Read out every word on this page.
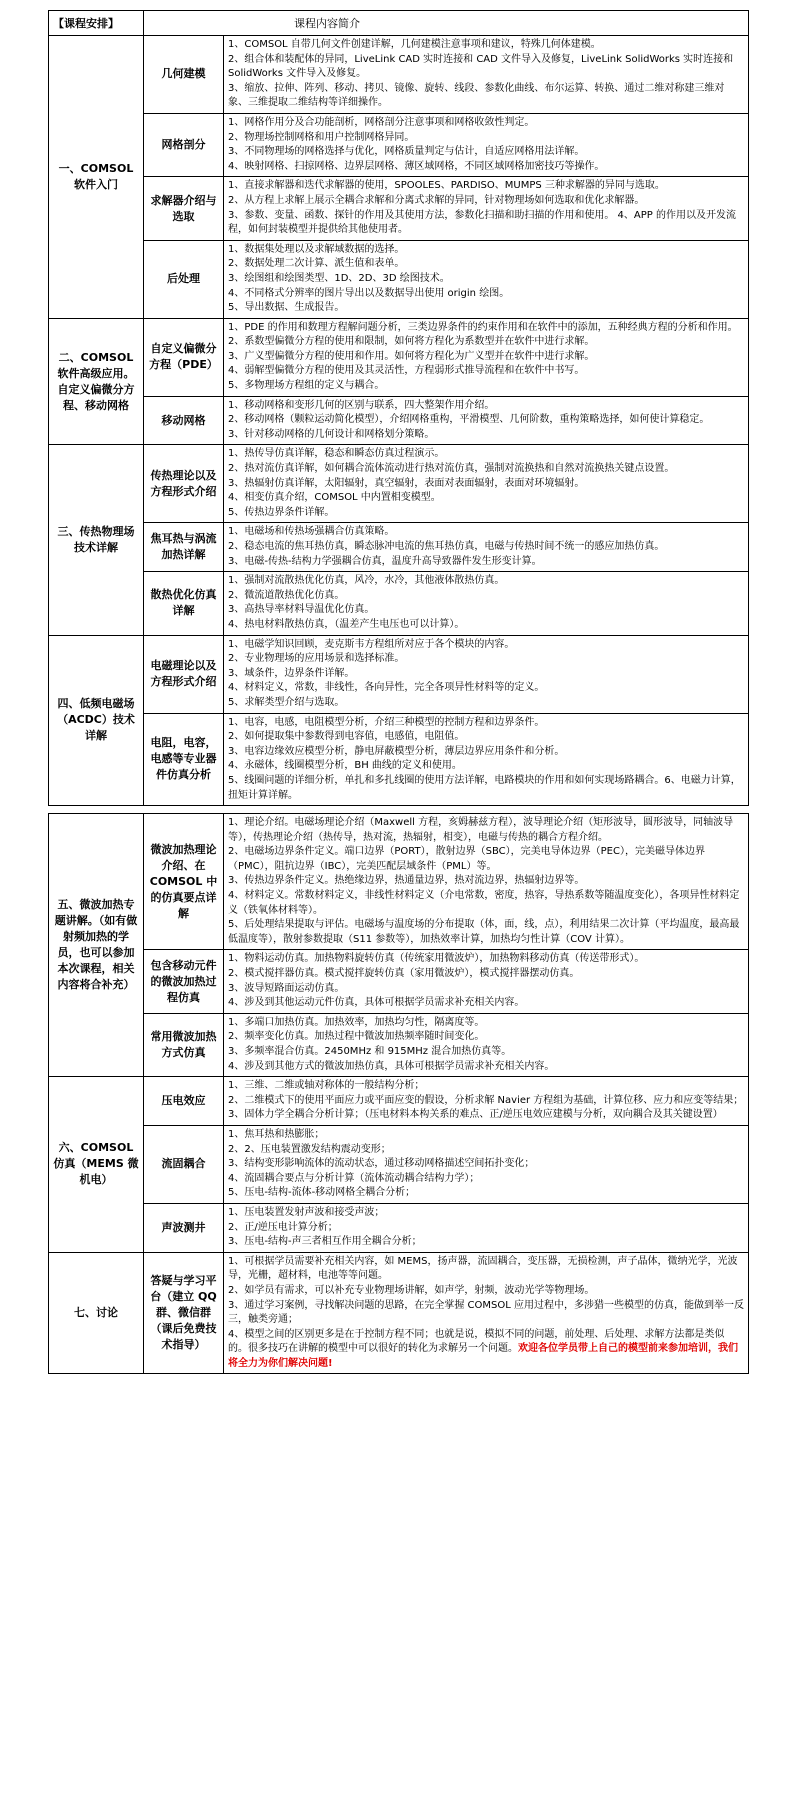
【课程安排】	课程内容简介	
一、COMSOL 软件入门	几何建模	1、COMSOL 自带几何文件创建详解，几何建模注意事项和建议，特殊几何体建模。
2、组合体和装配体的异同，LiveLink CAD 实时连接和 CAD 文件导入及修复，LiveLink SolidWorks 实时连接和 SolidWorks 文件导入及修复。
3、缩放、拉伸、阵列、移动、拷贝、镜像、旋转、线段、参数化曲线、布尔运算、转换、通过二维对称建三维对象、三维提取二维结构等详细操作。

	网格剖分	1、网格作用分及合功能剖析，网格剖分注意事项和网格收敛性判定。
2、物理场控制网格和用户控制网格异同。
3、不同物理场的网格选择与优化，网格质量判定与估计，自适应网格用法详解。
4、映射网格、扫掠网格、边界层网格、薄区域网格，不同区域网格加密技巧等操作。

	求解器介绍与选取	1、直接求解器和迭代求解器的使用，SPOOLES、PARDISO、MUMPS 三种求解器的异同与选取。
2、从方程上求解上展示全耦合求解和分离式求解的异同，针对物理场如何选取和优化求解器。
3、参数、变量、函数、探针的作用及其使用方法，参数化扫描和助扫描的作用和使用。 4、APP 的作用以及开发流程，如何封装模型并提供给其他使用者。

	后处理	1、数据集处理以及求解域数据的选择。
2、数据处理二次计算、派生值和表单。
3、绘图组和绘图类型、1D、2D、3D 绘图技术。
4、不同格式分辨率的图片导出以及数据导出使用 origin 绘图。
5、导出数据、生成报告。

二、COMSOL 软件高级应用。自定义偏微分方程、移动网格	自定义偏微分方程（PDE）	1、PDE 的作用和数理方程解问题分析，三类边界条件的约束作用和在软件中的添加，五种经典方程的分析和作用。
2、系数型偏微分方程的使用和限制，如何将方程化为系数型并在软件中进行求解。
3、广义型偏微分方程的使用和作用。如何将方程化为广义型并在软件中进行求解。
4、弱解型偏微分方程的使用及其灵活性，方程弱形式推导流程和在软件中书写。
5、多物理场方程组的定义与耦合。

	移动网格	1、移动网格和变形几何的区别与联系，四大整架作用介绍。
2、移动网格（颗粒运动简化模型），介绍网格重构，平滑模型、几何阶数，重构策略选择，如何使计算稳定。
3、针对移动网格的几何设计和网格划分策略。

三、传热物理场技术详解	传热理论以及方程形式介绍	1、热传导仿真详解，稳态和瞬态仿真过程演示。
2、热对流仿真详解，如何耦合流体流动进行热对流仿真，强制对流换热和自然对流换热关键点设置。
3、热辐射仿真详解，太阳辐射，真空辐射，表面对表面辐射，表面对环境辐射。
4、相变仿真介绍，COMSOL 中内置相变模型。
5、传热边界条件详解。

	焦耳热与涡流加热详解	1、电磁场和传热场强耦合仿真策略。
2、稳态电流的焦耳热仿真，瞬态脉冲电流的焦耳热仿真，电磁与传热时间不统一的感应加热仿真。
3、电磁-传热-结构力学强耦合仿真，温度升高导致器件发生形变计算。

	散热优化仿真详解	1、强制对流散热优化仿真，风冷，水冷，其他液体散热仿真。
2、微流道散热优化仿真。
3、高热导率材料导温优化仿真。
4、热电材料散热仿真，（温差产生电压也可以计算）。

四、低频电磁场（ACDC）技术详解	电磁理论以及方程形式介绍	1、电磁学知识回顾，麦克斯韦方程组所对应于各个模块的内容。
2、专业物理场的应用场景和选择标准。
3、域条件，边界条件详解。
4、材料定义，常数，非线性，各向异性，完全各项异性材料等的定义。
5、求解类型介绍与选取。

	电阻，电容，电感等专业器件仿真分析	1、电容，电感，电阻模型分析，介绍三种模型的控制方程和边界条件。
2、如何提取集中参数得到电容值，电感值，电阻值。
3、电容边缘效应模型分析，静电屏蔽模型分析，薄层边界应用条件和分析。
4、永磁体，线圈模型分析，BH 曲线的定义和使用。
5、线圈问题的详细分析，单扎和多扎线圈的使用方法详解，电路模块的作用和如何实现场路耦合。6、电磁力计算，扭矩计算详解。

五、微波加热专题讲解。（如有做射频加热的学员，也可以参加本次课程，相关内容将合补充）	微波加热理论介绍、在 COMSOL 中的仿真要点详解	1、理论介绍。电磁场理论介绍（Maxwell 方程，亥姆赫兹方程），波导理论介绍（矩形波导，圆形波导，同轴波导等），传热理论介绍（热传导，热对流，热辐射，相变），电磁与传热的耦合方程介绍。
2、电磁场边界条件定义。端口边界（PORT），散射边界（SBC），完美电导体边界（PEC），完美磁导体边界（PMC），阻抗边界（IBC），完美匹配层域条件（PML）等。
3、传热边界条件定义。热绝缘边界，热通量边界，热对流边界，热辐射边界等。
4、材料定义。常数材料定义，非线性材料定义（介电常数，密度，热容，导热系数等随温度变化），各项异性材料定义（铁氧体材料等）。
5、后处理结果提取与评估。电磁场与温度场的分布提取（体，面，线，点），利用结果二次计算（平均温度，最高最低温度等），散射参数提取（S11 参数等），加热效率计算，加热均匀性计算（COV 计算）。

	包含移动元件的微波加热过程仿真	1、物料运动仿真。加热物料旋转仿真（传统家用微波炉），加热物料移动仿真（传送带形式）。
2、模式搅拌器仿真。模式搅拌旋转仿真（家用微波炉），模式搅拌器摆动仿真。
3、波导短路面运动仿真。
4、涉及到其他运动元件仿真，具体可根据学员需求补充相关内容。

	常用微波加热方式仿真	1、多端口加热仿真。加热效率，加热均匀性，隔离度等。
2、频率变化仿真。加热过程中微波加热频率随时间变化。
3、多频率混合仿真。2450MHz 和 915MHz 混合加热仿真等。
4、涉及到其他方式的微波加热仿真，具体可根据学员需求补充相关内容。

六、COMSOL 仿真（MEMS 微机电）	压电效应	1、三维、二维或轴对称体的一般结构分析；
2、二维模式下的使用平面应力或平面应变的假设，分析求解 Navier 方程组为基础，计算位移、应力和应变等结果；
3、固体力学全耦合分析计算；（压电材料本构关系的难点、正/逆压电效应建模与分析，双向耦合及其关键设置）

	流固耦合	1、焦耳热和热膨胀；
2、2、压电装置激发结构震动变形；
3、结构变形影响流体的流动状态，通过移动网格描述空间拓扑变化；
4、流固耦合要点与分析计算（流体流动耦合结构力学）；
5、压电-结构-流体-移动网格全耦合分析；

	声波测井	1、压电装置发射声波和接受声波；
2、正/逆压电计算分析；
3、压电-结构-声三者相互作用全耦合分析；

七、讨论	答疑与学习平台（建立 QQ 群、微信群（课后免费技术指导）	1、可根据学员需要补充相关内容，如 MEMS，扬声器，流固耦合，变压器，无损检测，声子晶体，微纳光学，光波导，光栅，超材料，电池等等问题。
2、如学员有需求，可以补充专业物理场讲解，如声学，射频，波动光学等物理场。
3、通过学习案例，寻找解决问题的思路，在完全掌握 COMSOL 应用过程中，多涉猎一些模型的仿真，能做到举一反三，触类旁通；
4、模型之间的区别更多是在于控制方程不同；也就是说，模拟不同的问题，前处理、后处理、求解方法都是类似的。很多技巧在讲解的模型中可以很好的转化为求解另一个问题。欢迎各位学员带上自己的模型前来参加培训，我们将全力为你们解决问题!
